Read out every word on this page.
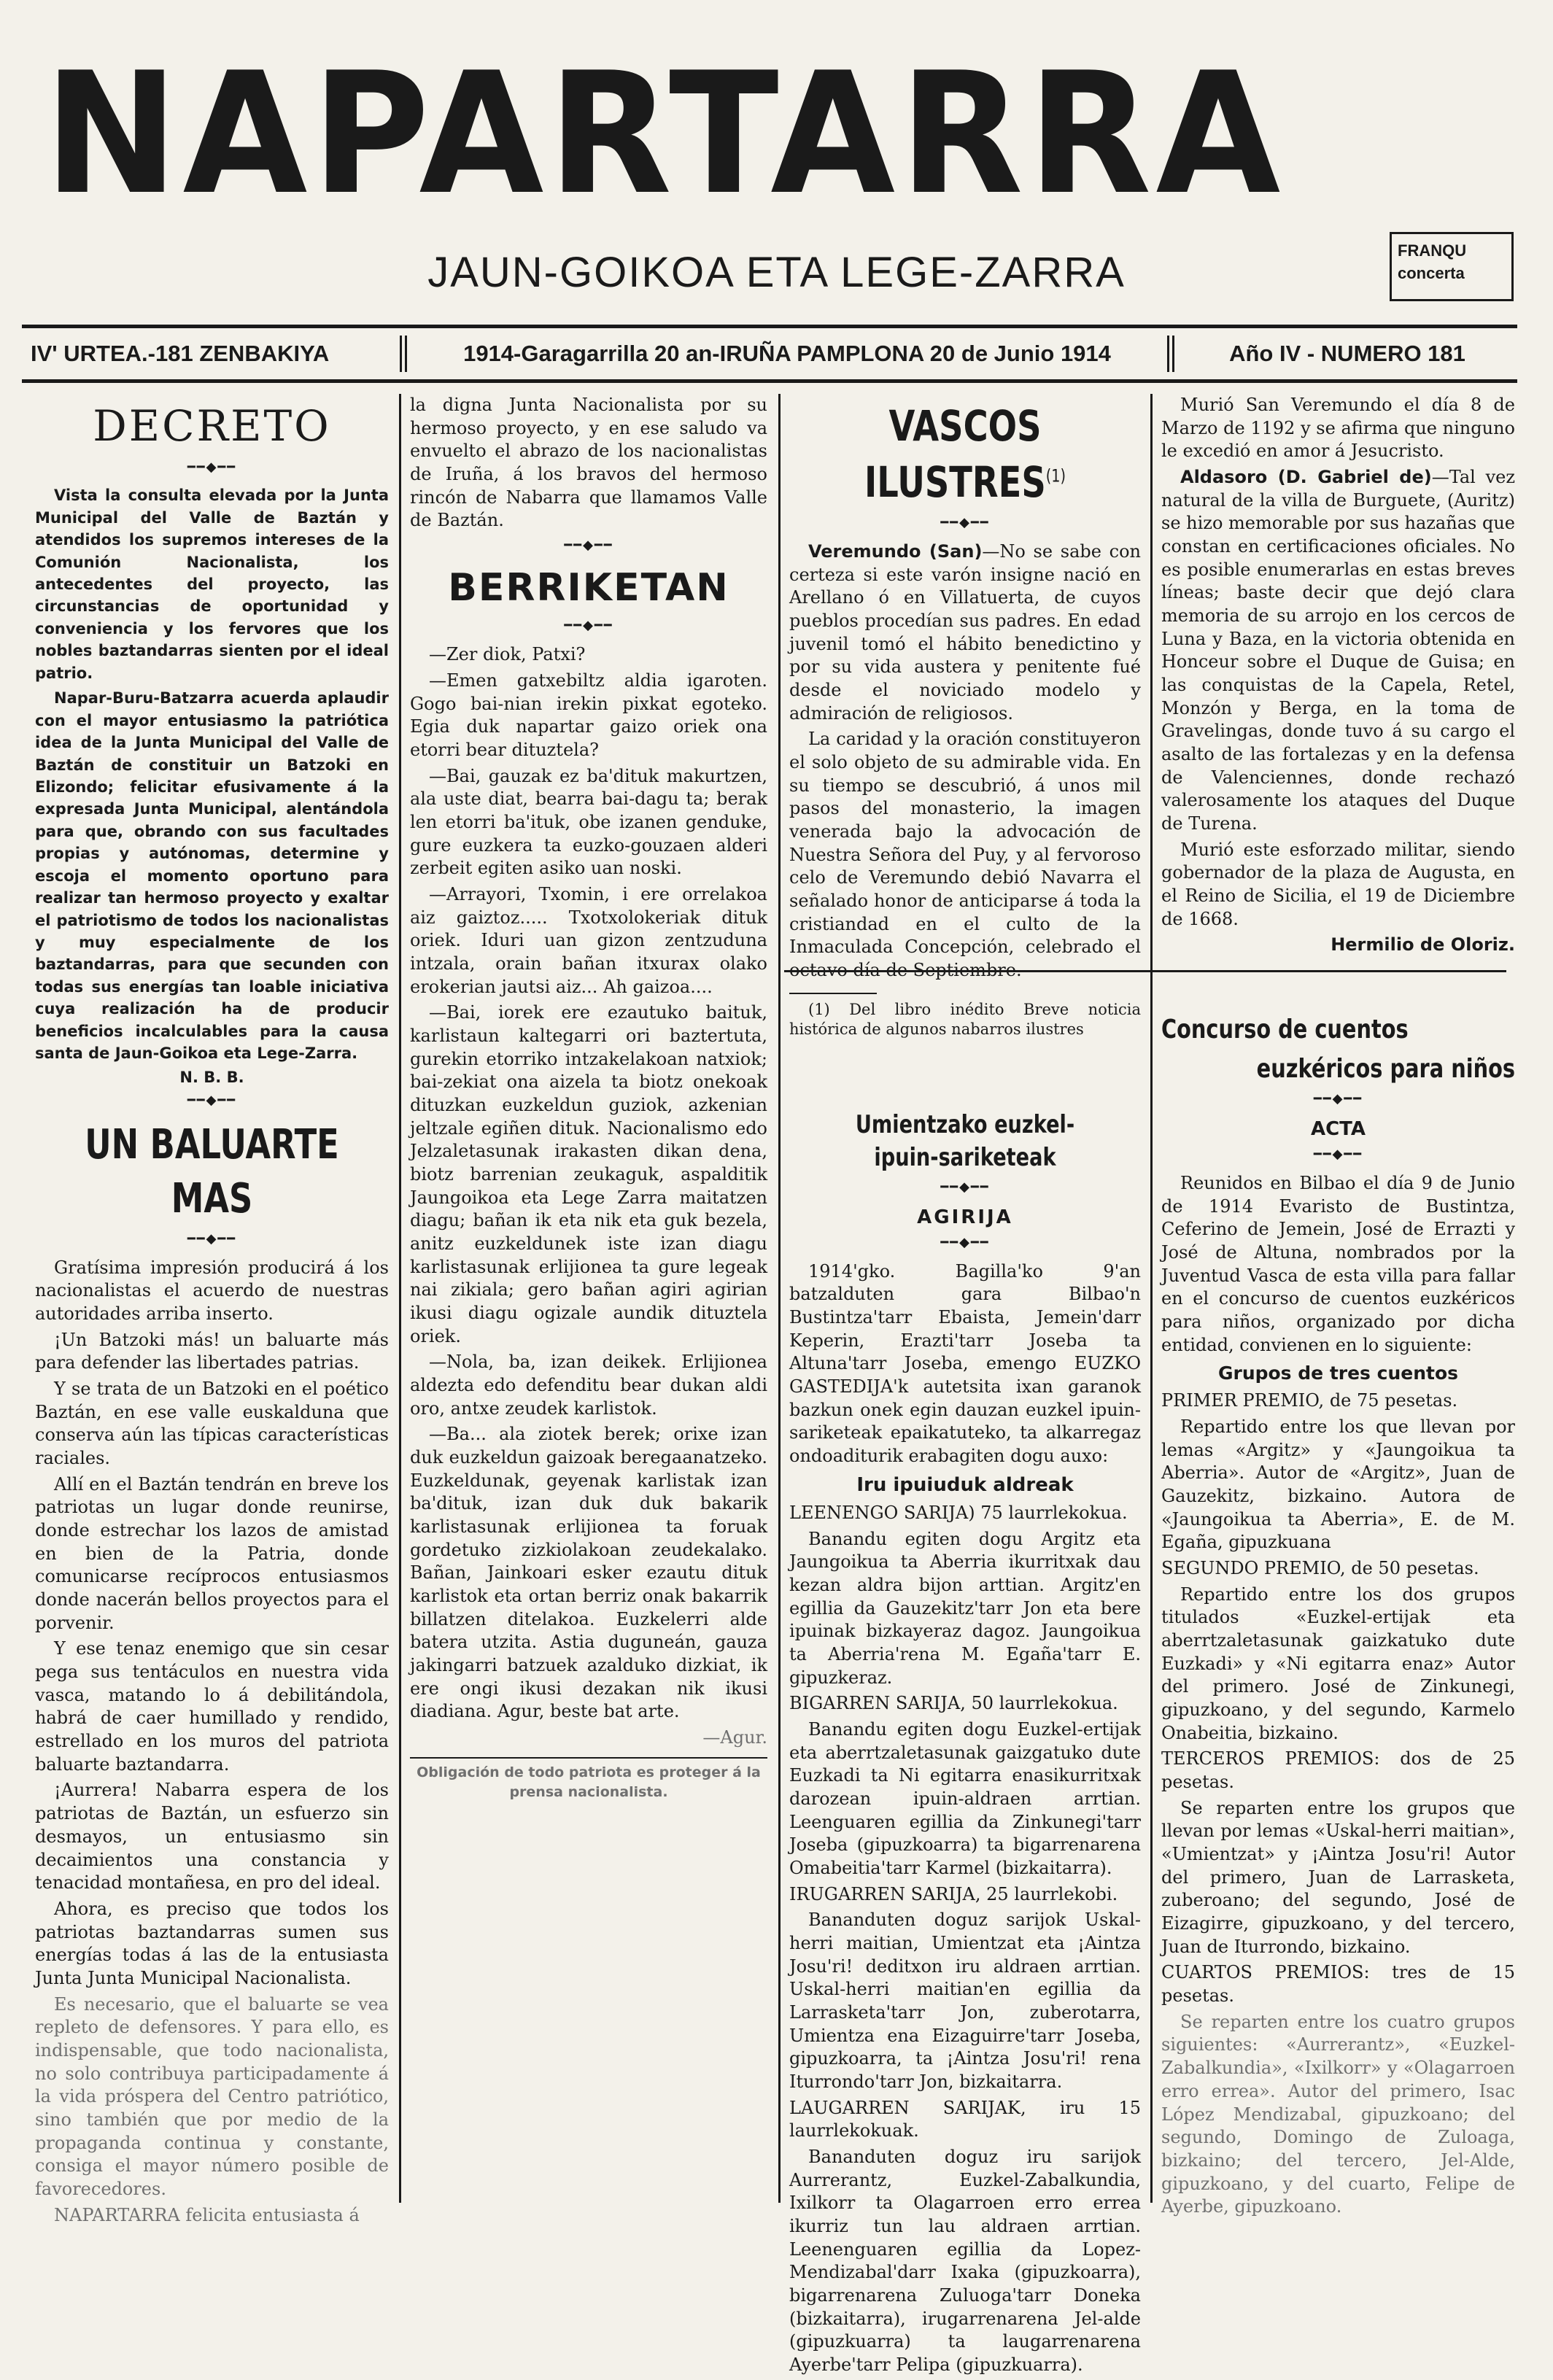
NAPARTARRA
JAUN-GOIKOA ETA LEGE-ZARRA	FRANQU concerta
IV' URTEA.-181 ZENBAKIYA	1914-Garagarrilla 20 an-IRUÑA PAMPLONA 20 de Junio 1914	Año IV - NUMERO 181
DECRETO
━━◆━━

Vista la consulta elevada por la Junta Municipal del Valle de Baztán y atendidos los supremos intereses de la Comunión Nacionalista, los antecedentes del proyecto, las circunstancias de oportunidad y conveniencia y los fervores que los nobles baztandarras sienten por el ideal patrio.

Napar-Buru-Batzarra acuerda aplaudir con el mayor entusiasmo la patriótica idea de la Junta Municipal del Valle de Baztán de constituir un Batzoki en Elizondo; felicitar efusivamente á la expresada Junta Municipal, alentándola para que, obrando con sus facultades propias y autónomas, determine y escoja el momento oportuno para realizar tan hermoso proyecto y exaltar el patriotismo de todos los nacionalistas y muy especialmente de los baztandarras, para que secunden con todas sus energías tan loable iniciativa cuya realización ha de producir beneficios incalculables para la causa santa de Jaun-Goikoa eta Lege-Zarra.

N. B. B.
━━◆━━
UN BALUARTE MAS
━━◆━━

Gratísima impresión producirá á los nacionalistas el acuerdo de nuestras autoridades arriba inserto.

¡Un Batzoki más! un baluarte más para defender las libertades patrias.

Y se trata de un Batzoki en el poético Baztán, en ese valle euskalduna que conserva aún las típicas características raciales.

Allí en el Baztán tendrán en breve los patriotas un lugar donde reunirse, donde estrechar los lazos de amistad en bien de la Patria, donde comunicarse recíprocos entusiasmos donde nacerán bellos proyectos para el porvenir.

Y ese tenaz enemigo que sin cesar pega sus tentáculos en nuestra vida vasca, matando lo á debilitándola, habrá de caer humillado y rendido, estrellado en los muros del patriota baluarte baztandarra.

¡Aurrera! Nabarra espera de los patriotas de Baztán, un esfuerzo sin desmayos, un entusiasmo sin decaimientos una constancia y tenacidad montañesa, en pro del ideal.

Ahora, es preciso que todos los patriotas baztandarras sumen sus energías todas á las de la entusiasta Junta Junta Municipal Nacionalista.

Es necesario, que el baluarte se vea repleto de defensores. Y para ello, es indispensable, que todo nacionalista, no solo contribuya participadamente á la vida próspera del Centro patriótico, sino también que por medio de la propaganda continua y constante, consiga el mayor número posible de favorecedores.

NAPARTARRA felicita entusiasta á

la digna Junta Nacionalista por su hermoso proyecto, y en ese saludo va envuelto el abrazo de los nacionalistas de Iruña, á los bravos del hermoso rincón de Nabarra que llamamos Valle de Baztán.

━━◆━━
BERRIKETAN
━━◆━━

—Zer diok, Patxi?

—Emen gatxebiltz aldia igaroten. Gogo bai-nian irekin pixkat egoteko. Egia duk napartar gaizo oriek ona etorri bear dituztela?

—Bai, gauzak ez ba'dituk makurtzen, ala uste diat, bearra bai-dagu ta; berak len etorri ba'ituk, obe izanen genduke, gure euzkera ta euzko-gouzaen alderi zerbeit egiten asiko uan noski.

—Arrayori, Txomin, i ere orrelakoa aiz gaiztoz..... Txotxolokeriak dituk oriek. Iduri uan gizon zentzuduna intzala, orain bañan itxurax olako erokerian jautsi aiz... Ah gaizoa....

—Bai, iorek ere ezautuko baituk, karlistaun kaltegarri ori baztertuta, gurekin etorriko intzakelakoan natxiok; bai-zekiat ona aizela ta biotz onekoak dituzkan euzkeldun guziok, azkenian jeltzale egiñen dituk. Nacionalismo edo Jelzaletasunak irakasten dikan dena, biotz barrenian zeukaguk, aspalditik Jaungoikoa eta Lege Zarra maitatzen diagu; bañan ik eta nik eta guk bezela, anitz euzkeldunek iste izan diagu karlistasunak erlijionea ta gure legeak nai zikiala; gero bañan agiri agirian ikusi diagu ogizale aundik dituztela oriek.

—Nola, ba, izan deikek. Erlijionea aldezta edo defenditu bear dukan aldi oro, antxe zeudek karlistok.

—Ba... ala ziotek berek; orixe izan duk euzkeldun gaizoak beregaanatzeko. Euzkeldunak, geyenak karlistak izan ba'dituk, izan duk duk bakarik karlistasunak erlijionea ta foruak gordetuko zizkiolakoan zeudekalako. Bañan, Jainkoari esker ezautu dituk karlistok eta ortan berriz onak bakarrik billatzen ditelakoa. Euzkelerri alde batera utzita. Astia duguneán, gauza jakingarri batzuek azalduko dizkiat, ik ere ongi ikusi dezakan nik ikusi diadiana. Agur, beste bat arte.

—Agur.

Obligación de todo patriota es proteger á la prensa nacionalista.
VASCOS ILUSTRES$^{(1)}$
━━◆━━

Veremundo (San)—No se sabe con certeza si este varón insigne nació en Arellano ó en Villatuerta, de cuyos pueblos procedían sus padres. En edad juvenil tomó el hábito benedictino y por su vida austera y penitente fué desde el noviciado modelo y admiración de religiosos.

La caridad y la oración constituyeron el solo objeto de su admirable vida. En su tiempo se descubrió, á unos mil pasos del monasterio, la imagen venerada bajo la advocación de Nuestra Señora del Puy, y al fervoroso celo de Veremundo debió Navarra el señalado honor de anticiparse á toda la cristiandad en el culto de la Inmaculada Concepción, celebrado el octavo día de Septiembre.

(1) Del libro inédito Breve noticia histórica de algunos nabarros ilustres

Umientzako euzkel-ipuin-sariketeak
━━◆━━
AGIRIJA
━━◆━━

1914'gko. Bagilla'ko 9'an batzalduten gara Bilbao'n Bustintza'tarr Ebaista, Jemein'darr Keperin, Erazti'tarr Joseba ta Altuna'tarr Joseba, emengo EUZKO GASTEDIJA'k autetsita ixan garanok bazkun onek egin dauzan euzkel ipuin-sariketeak epaikatuteko, ta alkarregaz ondoaditurik erabagiten dogu auxo:

Iru ipuiuduk aldreak

LEENENGO SARIJA) 75 laurrlekokua.

Banandu egiten dogu Argitz eta Jaungoikua ta Aberria ikurritxak dau kezan aldra bijon arttian. Argitz'en egillia da Gauzekitz'tarr Jon eta bere ipuinak bizkayeraz dagoz. Jaungoikua ta Aberria'rena M. Egaña'tarr E. gipuzkeraz.

BIGARREN SARIJA, 50 laurrlekokua.

Banandu egiten dogu Euzkel-ertijak eta aberrtzaletasunak gaizgatuko dute Euzkadi ta Ni egitarra enasikurritxak darozean ipuin-aldraen arrtian. Leenguaren egillia da Zinkunegi'tarr Joseba (gipuzkoarra) ta bigarrenarena Omabeitia'tarr Karmel (bizkaitarra).

IRUGARREN SARIJA, 25 laurrlekobi.

Bananduten doguz sarijok Uskal-herri maitian, Umientzat eta ¡Aintza Josu'ri! deditxon iru aldraen arrtian. Uskal-herri maitian'en egillia da Larrasketa'tarr Jon, zuberotarra, Umientza ena Eizaguirre'tarr Joseba, gipuzkoarra, ta ¡Aintza Josu'ri! rena Iturrondo'tarr Jon, bizkaitarra.

LAUGARREN SARIJAK, iru 15 laurrlekokuak.

Bananduten doguz iru sarijok Aurrerantz, Euzkel-Zabalkundia, Ixilkorr ta Olagarroen erro errea ikurriz tun lau aldraen arrtian. Leenenguaren egillia da Lopez-Mendizabal'darr Ixaka (gipuzkoarra), bigarrenarena Zuluoga'tarr Doneka (bizkaitarra), irugarrenarena Jel-alde (gipuzkuarra) ta laugarrenarena Ayerbe'tarr Pelipa (gipuzkuarra).

Murió San Veremundo el día 8 de Marzo de 1192 y se afirma que ninguno le excedió en amor á Jesucristo.

Aldasoro (D. Gabriel de)—Tal vez natural de la villa de Burguete, (Auritz) se hizo memorable por sus hazañas que constan en certificaciones oficiales. No es posible enumerarlas en estas breves líneas; baste decir que dejó clara memoria de su arrojo en los cercos de Luna y Baza, en la victoria obtenida en Honceur sobre el Duque de Guisa; en las conquistas de la Capela, Retel, Monzón y Berga, en la toma de Gravelingas, donde tuvo á su cargo el asalto de las fortalezas y en la defensa de Valenciennes, donde rechazó valerosamente los ataques del Duque de Turena.

Murió este esforzado militar, siendo gobernador de la plaza de Augusta, en el Reino de Sicilia, el 19 de Diciembre de 1668.

Hermilio de Oloriz.
Concurso de cuentos
euzkéricos para niños
━━◆━━
ACTA
━━◆━━

Reunidos en Bilbao el día 9 de Junio de 1914 Evaristo de Bustintza, Ceferino de Jemein, José de Errazti y José de Altuna, nombrados por la Juventud Vasca de esta villa para fallar en el concurso de cuentos euzkéricos para niños, organizado por dicha entidad, convienen en lo siguiente:

Grupos de tres cuentos

PRIMER PREMIO, de 75 pesetas.

Repartido entre los que llevan por lemas «Argitz» y «Jaungoikua ta Aberria». Autor de «Argitz», Juan de Gauzekitz, bizkaino. Autora de «Jaungoikua ta Aberria», E. de M. Egaña, gipuzkuana

SEGUNDO PREMIO, de 50 pesetas.

Repartido entre los dos grupos titulados «Euzkel-ertijak eta aberrtzaletasunak gaizkatuko dute Euzkadi» y «Ni egitarra enaz» Autor del primero. José de Zinkunegi, gipuzkoano, y del segundo, Karmelo Onabeitia, bizkaino.

TERCEROS PREMIOS: dos de 25 pesetas.

Se reparten entre los grupos que llevan por lemas «Uskal-herri maitian», «Umientzat» y ¡Aintza Josu'ri! Autor del primero, Juan de Larrasketa, zuberoano; del segundo, José de Eizagirre, gipuzkoano, y del tercero, Juan de Iturrondo, bizkaino.

CUARTOS PREMIOS: tres de 15 pesetas.

Se reparten entre los cuatro grupos siguientes: «Aurrerantz», «Euzkel-Zabalkundia», «Ixilkorr» y «Olagarroen erro errea». Autor del primero, Isac López Mendizabal, gipuzkoano; del segundo, Domingo de Zuloaga, bizkaino; del tercero, Jel-Alde, gipuzkoano, y del cuarto, Felipe de Ayerbe, gipuzkoano.
